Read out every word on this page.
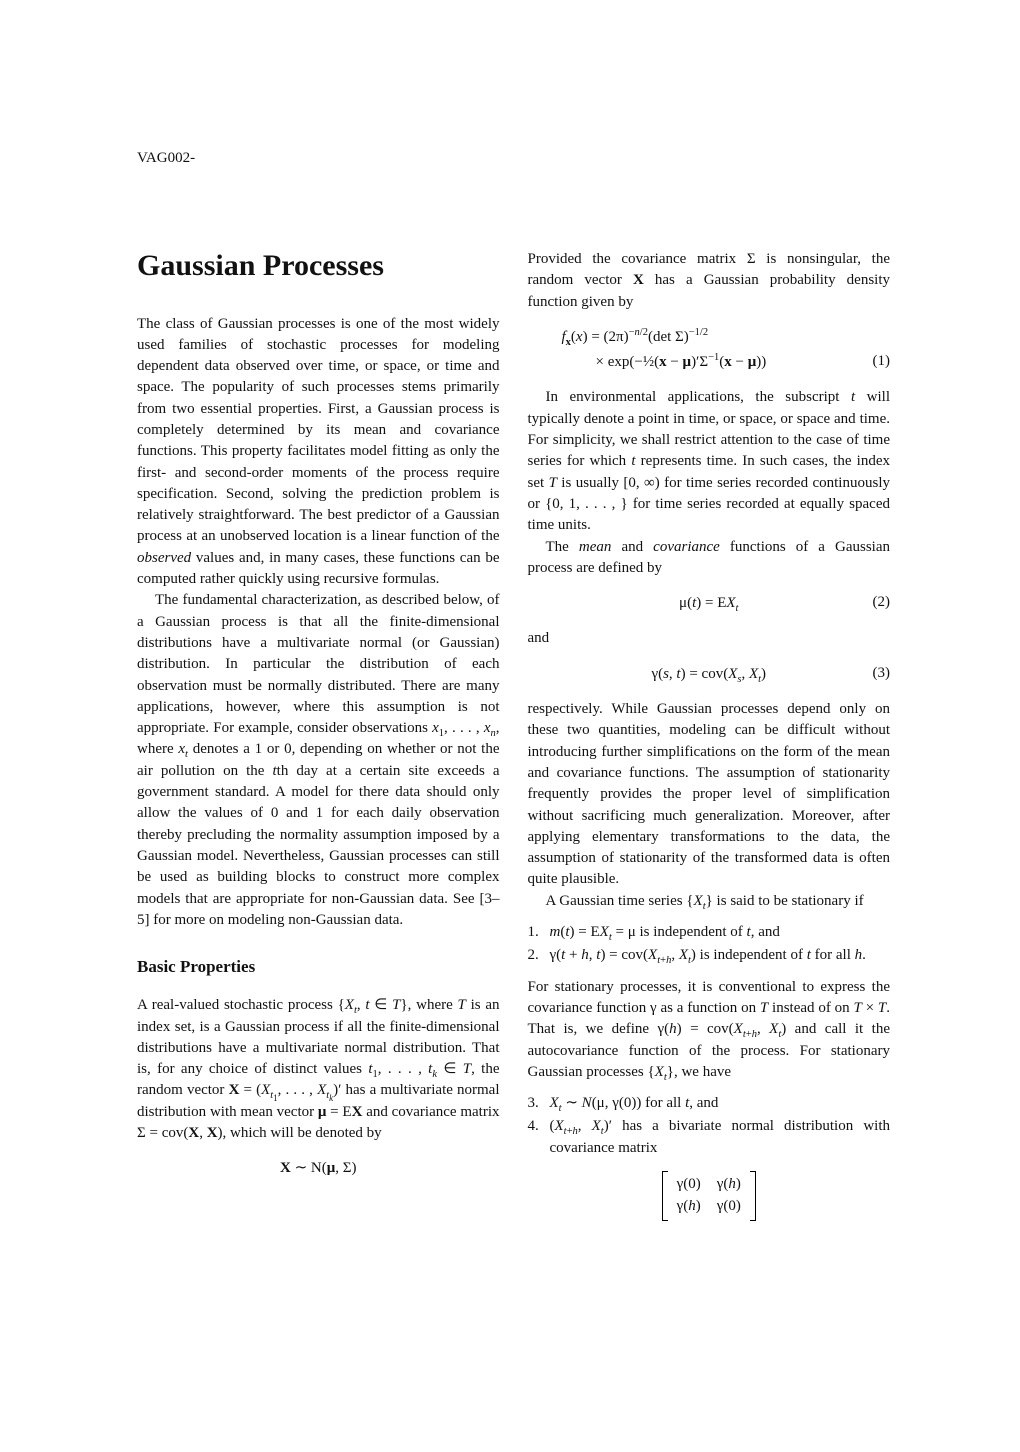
VAG002-
Gaussian Processes

The class of Gaussian processes is one of the most widely used families of stochastic processes for modeling dependent data observed over time, or space, or time and space. The popularity of such processes stems primarily from two essential properties. First, a Gaussian process is completely determined by its mean and covariance functions. This property facilitates model fitting as only the first- and second-order moments of the process require specification. Second, solving the prediction problem is relatively straightforward. The best predictor of a Gaussian process at an unobserved location is a linear function of the observed values and, in many cases, these functions can be computed rather quickly using recursive formulas.

The fundamental characterization, as described below, of a Gaussian process is that all the finite-dimensional distributions have a multivariate normal (or Gaussian) distribution. In particular the distribution of each observation must be normally distributed. There are many applications, however, where this assumption is not appropriate. For example, consider observations $x_1$, . . . , $x_n$, where $x_t$ denotes a 1 or 0, depending on whether or not the air pollution on the tth day at a certain site exceeds a government standard. A model for there data should only allow the values of 0 and 1 for each daily observation thereby precluding the normality assumption imposed by a Gaussian model. Nevertheless, Gaussian processes can still be used as building blocks to construct more complex models that are appropriate for non-Gaussian data. See [3–5] for more on modeling non-Gaussian data.

Basic Properties

A real-valued stochastic process {$X_t$, t ∈ T}, where T is an index set, is a Gaussian process if all the finite-dimensional distributions have a multivariate normal distribution. That is, for any choice of distinct values $t_1$, . . . , $t_k$ ∈ T, the random vector $X = (X_{t_1}$, . . . , $X_{t_k})'$ has a multivariate normal distribution with mean vector μ = EX and covariance matrix Σ = cov(X, X), which will be denoted by

X ∼ N(μ, Σ)

Provided the covariance matrix Σ is nonsingular, the random vector X has a Gaussian probability density function given by

$f_x(x) = (2\pi)^{-n/2}(\det$ Σ)$^{-1/2}$
× exp(−½(x − $\mu)'\Sigma^{-1}(x - \mu)$)	(1)

In environmental applications, the subscript t will typically denote a point in time, or space, or space and time. For simplicity, we shall restrict attention to the case of time series for which t represents time. In such cases, the index set T is usually [0, ∞) for time series recorded continuously or {0, 1, . . . , } for time series recorded at equally spaced time units.

The mean and covariance functions of a Gaussian process are defined by

$\mu(t) = EX_t$	(2)

and

γ(s, $t) = cov(X_s$, $X_t$)	(3)

respectively. While Gaussian processes depend only on these two quantities, modeling can be difficult without introducing further simplifications on the form of the mean and covariance functions. The assumption of stationarity frequently provides the proper level of simplification without sacrificing much generalization. Moreover, after applying elementary transformations to the data, the assumption of stationarity of the transformed data is often quite plausible.

A Gaussian time series $\{X_t\}$ is said to be stationary if

1. $m(t) = EX_t = \mu$ is independent of t, and
2. γ(t + h, $t) = cov(X_{t+h}$, $X_t$) is independent of t for all h.

For stationary processes, it is conventional to express the covariance function γ as a function on T instead of on T × T. That is, we define $\gamma(h) = cov(X_{t+h}$, $X_t$) and call it the autocovariance function of the process. For stationary Gaussian processes $\{X_t\}$, we have

3. $X_t$ ∼ N(μ, γ(0)) for all t, and
4. ($X_{t+h}$, $X_t)'$ has a bivariate normal distribution with covariance matrix
γ(0) γ(h)
γ(h) γ(0)
